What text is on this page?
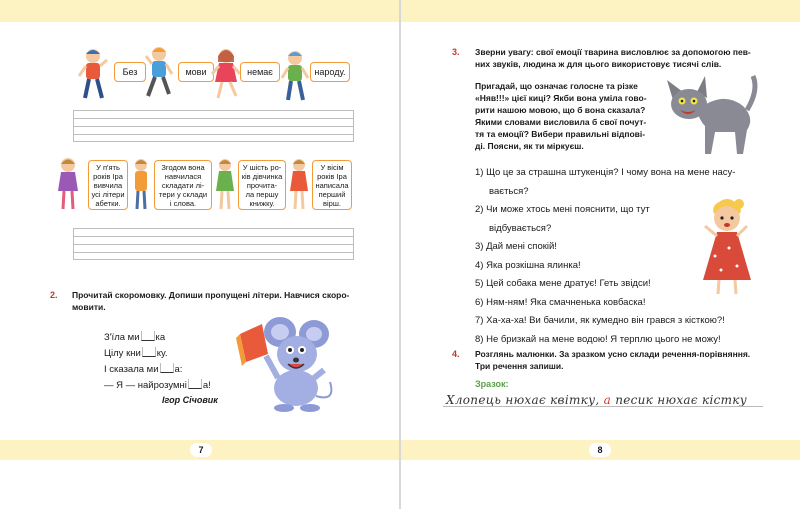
Без	мови	немає	народу.
У п'ять
років Іра
вивчила
усі літери
абетки.
Згодом вона
навчилася
складати лі-
тери у склади
і слова.
У шість ро-
ків дівчинка
прочита-
ла першу
книжку.
У вісім
років Іра
написала
перший
вірш.
2. Прочитай скоромовку. Допиши пропущені літери. Навчися скоро-
мовити.
З'їла ми ка
Цілу кни ку.
І сказала ми а:
— Я — найрозумні а!
Ігор Січовик
7
3. Зверни увагу: свої емоції тварина висловлює за допомогою пев-
них звуків, людина ж для цього використовує тисячі слів.
Пригадай, що означає голосне та різке
«Няв!!!» цієї киці? Якби вона уміла гово-
рити нашою мовою, що б вона сказала?
Якими словами висловила б свої почут-
тя та емоції? Вибери правильні відпові-
ді. Поясни, як ти міркуєш.
1) Що це за страшна штукенція? І чому вона на мене насу-
вається?
2) Чи може хтось мені пояснити, що тут
відбувається?
3) Дай мені спокій!
4) Яка розкішна ялинка!
5) Цей собака мене дратує! Геть звідси!
6) Ням-ням! Яка смачненька ковбаска!
7) Ха-ха-ха! Ви бачили, як кумедно він грався з кісткою?!
8) Не бризкай на мене водою! Я терплю цього не можу!
4. Розглянь малюнки. За зразком усно склади речення-порівняння.
Три речення запиши.
Зразок:
Хлопець нюхає квітку, а песик нюхає кістку
8
